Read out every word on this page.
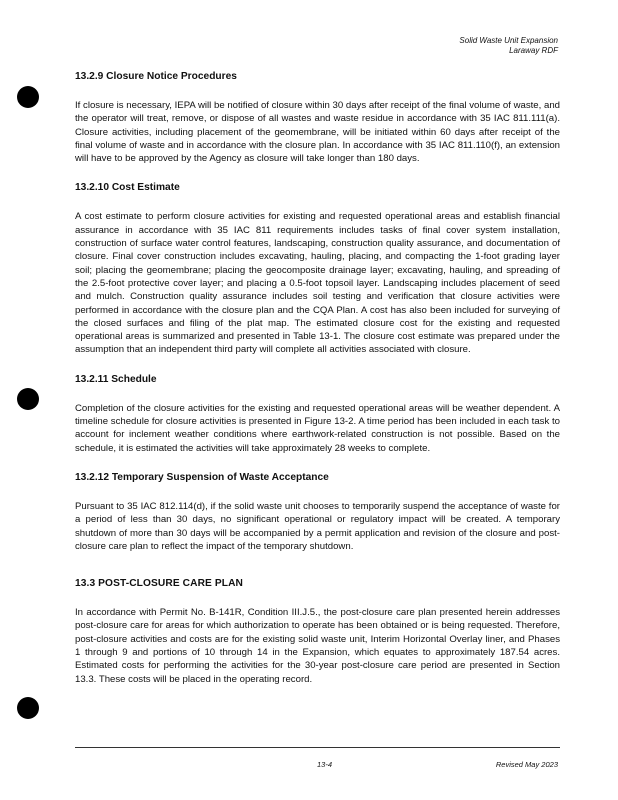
Solid Waste Unit Expansion
Laraway RDF
13.2.9 Closure Notice Procedures

If closure is necessary, IEPA will be notified of closure within 30 days after receipt of the final volume of waste, and the operator will treat, remove, or dispose of all wastes and waste residue in accordance with 35 IAC 811.111(a). Closure activities, including placement of the geomembrane, will be initiated within 60 days after receipt of the final volume of waste and in accordance with the closure plan. In accordance with 35 IAC 811.110(f), an extension will have to be approved by the Agency as closure will take longer than 180 days.

13.2.10 Cost Estimate

A cost estimate to perform closure activities for existing and requested operational areas and establish financial assurance in accordance with 35 IAC 811 requirements includes tasks of final cover system installation, construction of surface water control features, landscaping, construction quality assurance, and documentation of closure. Final cover construction includes excavating, hauling, placing, and compacting the 1-foot grading layer soil; placing the geomembrane; placing the geocomposite drainage layer; excavating, hauling, and spreading of the 2.5-foot protective cover layer; and placing a 0.5-foot topsoil layer. Landscaping includes placement of seed and mulch. Construction quality assurance includes soil testing and verification that closure activities were performed in accordance with the closure plan and the CQA Plan. A cost has also been included for surveying of the closed surfaces and filing of the plat map. The estimated closure cost for the existing and requested operational areas is summarized and presented in Table 13-1. The closure cost estimate was prepared under the assumption that an independent third party will complete all activities associated with closure.

13.2.11 Schedule

Completion of the closure activities for the existing and requested operational areas will be weather dependent. A timeline schedule for closure activities is presented in Figure 13-2. A time period has been included in each task to account for inclement weather conditions where earthwork-related construction is not possible. Based on the schedule, it is estimated the activities will take approximately 28 weeks to complete.

13.2.12 Temporary Suspension of Waste Acceptance

Pursuant to 35 IAC 812.114(d), if the solid waste unit chooses to temporarily suspend the acceptance of waste for a period of less than 30 days, no significant operational or regulatory impact will be created. A temporary shutdown of more than 30 days will be accompanied by a permit application and revision of the closure and post-closure care plan to reflect the impact of the temporary shutdown.

13.3 POST-CLOSURE CARE PLAN

In accordance with Permit No. B-141R, Condition III.J.5., the post-closure care plan presented herein addresses post-closure care for areas for which authorization to operate has been obtained or is being requested. Therefore, post-closure activities and costs are for the existing solid waste unit, Interim Horizontal Overlay liner, and Phases 1 through 9 and portions of 10 through 14 in the Expansion, which equates to approximately 187.54 acres. Estimated costs for performing the activities for the 30-year post-closure care period are presented in Section 13.3. These costs will be placed in the operating record.

13-4	Revised May 2023
